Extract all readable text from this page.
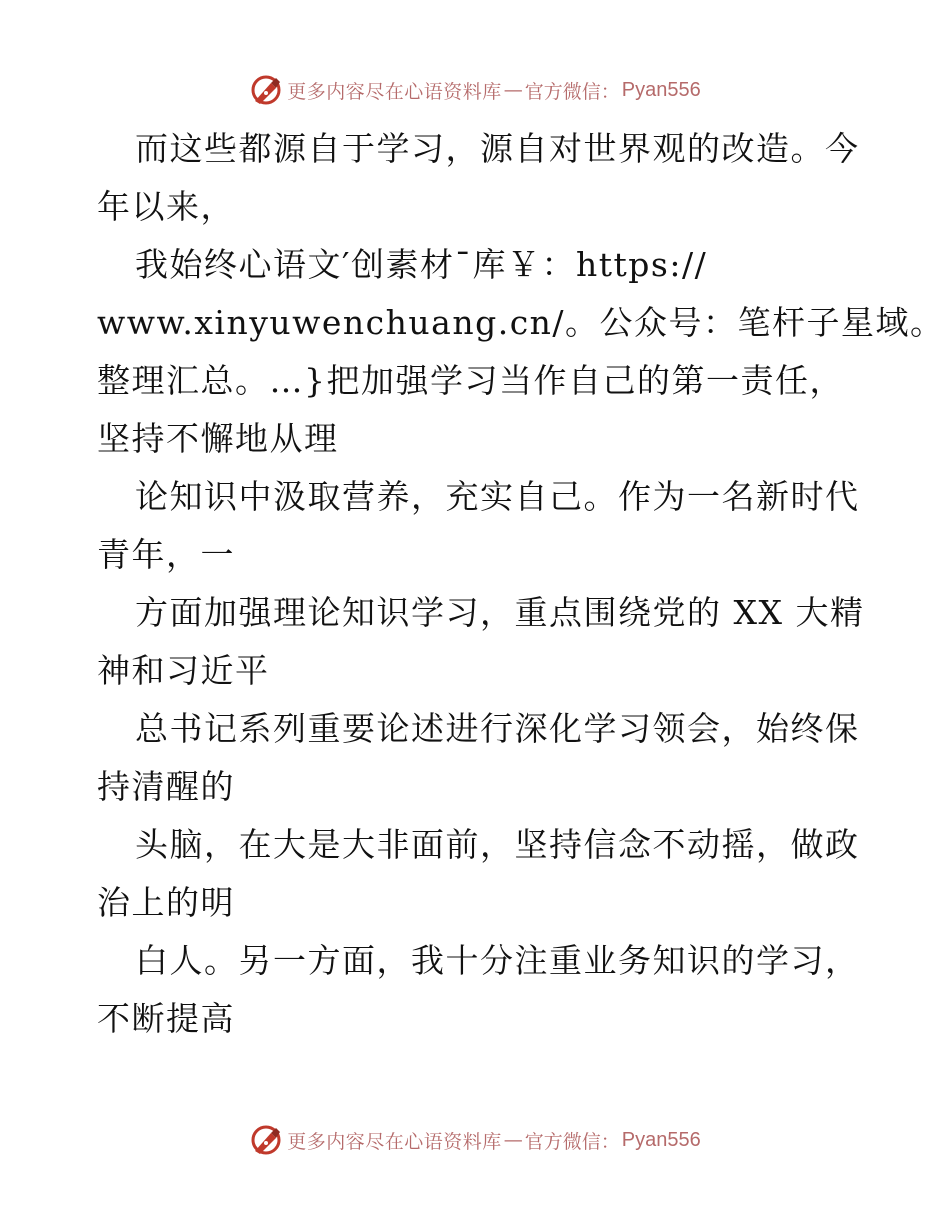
更多内容尽在心语资料库 — 官方微信： Pyan556
而这些都源自于学习，源自对世界观的改造。今
年以来，
我始终心语文′创素材¯库￥：https://
www.xinyuwenchuang.cn/。公众号：笔杆子星域。
整理汇总。…}把加强学习当作自己的第一责任，
坚持不懈地从理
论知识中汲取营养，充实自己。作为一名新时代
青年，一
方面加强理论知识学习，重点围绕党的 XX 大精
神和习近平
总书记系列重要论述进行深化学习领会，始终保
持清醒的
头脑，在大是大非面前，坚持信念不动摇，做政
治上的明
白人。另一方面，我十分注重业务知识的学习，
不断提高
更多内容尽在心语资料库 — 官方微信： Pyan556
